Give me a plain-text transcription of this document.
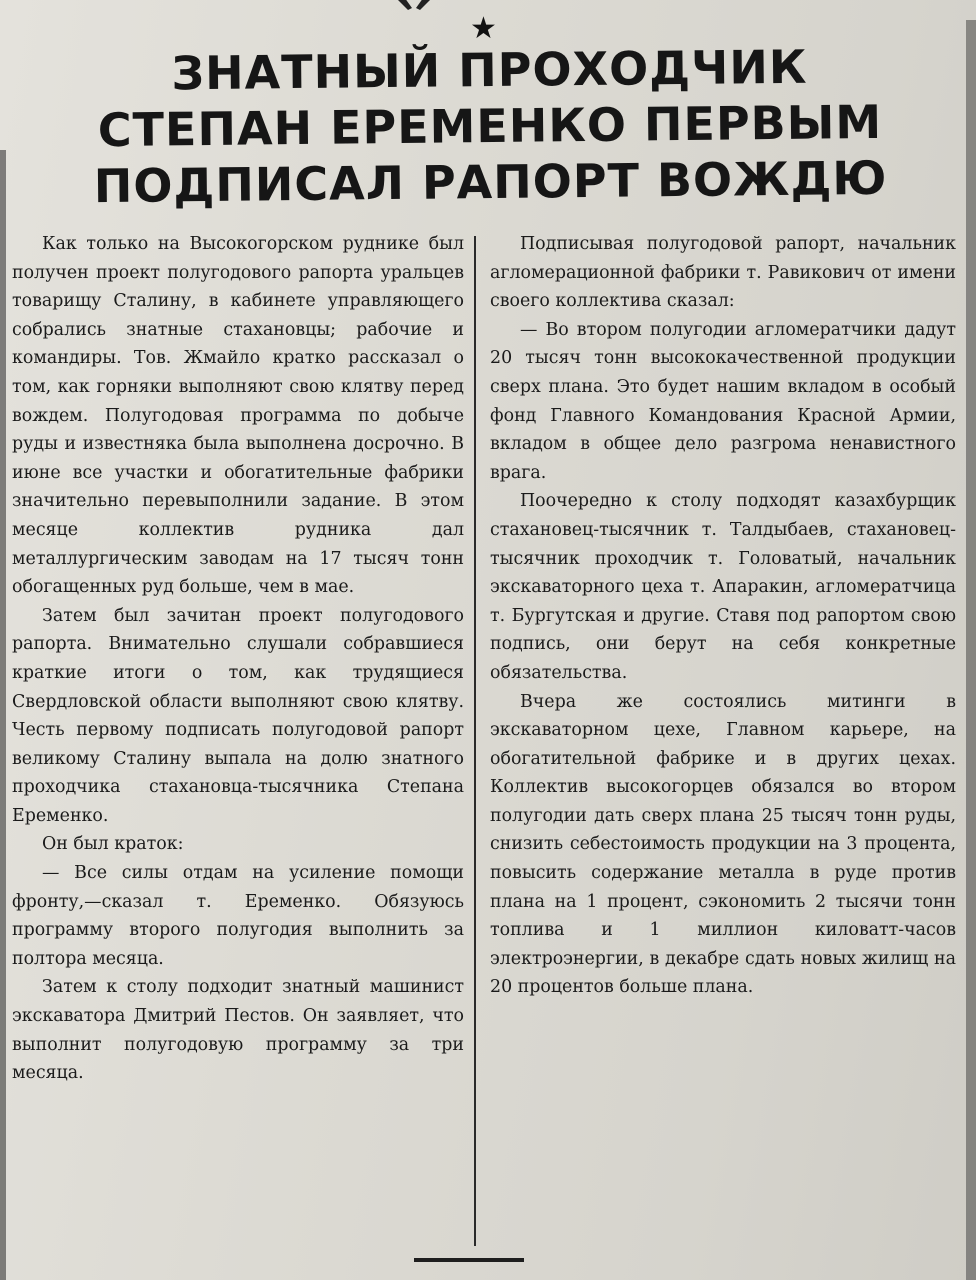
★
ЗНАТНЫЙ ПРОХОДЧИК
СТЕПАН ЕРЕМЕНКО ПЕРВЫМ
ПОДПИСАЛ РАПОРТ ВОЖДЮ

Как только на Высокогорском руднике был получен проект полугодового рапорта уральцев товарищу Сталину, в кабинете управляющего собрались знатные стахановцы; рабочие и командиры. Тов. Жмайло кратко рассказал о том, как горняки выполняют свою клятву перед вождем. Полугодовая программа по добыче руды и известняка была выполнена досрочно. В июне все участки и обогатительные фабрики значительно перевыполнили задание. В этом месяце коллектив рудника дал металлургическим заводам на 17 тысяч тонн обогащенных руд больше, чем в мае.

Затем был зачитан проект полугодового рапорта. Внимательно слушали собравшиеся краткие итоги о том, как трудящиеся Свердловской области выполняют свою клятву. Честь первому подписать полугодовой рапорт великому Сталину выпала на долю знатного проходчика стахановца-тысячника Степана Еременко.

Он был краток:

— Все силы отдам на усиление помощи фронту,—сказал т. Еременко. Обязуюсь программу второго полугодия выполнить за полтора месяца.

Затем к столу подходит знатный машинист экскаватора Дмитрий Пестов. Он заявляет, что выполнит полугодовую программу за три месяца.

Подписывая полугодовой рапорт, начальник агломерационной фабрики т. Равикович от имени своего коллектива сказал:

— Во втором полугодии агломератчики дадут 20 тысяч тонн высококачественной продукции сверх плана. Это будет нашим вкладом в особый фонд Главного Командования Красной Армии, вкладом в общее дело разгрома ненавистного врага.

Поочередно к столу подходят казахбурщик стахановец-тысячник т. Талдыбаев, стахановец-тысячник проходчик т. Головатый, начальник экскаваторного цеха т. Апаракин, агломератчица т. Бургутская и другие. Ставя под рапортом свою подпись, они берут на себя конкретные обязательства.

Вчера же состоялись митинги в экскаваторном цехе, Главном карьере, на обогатительной фабрике и в других цехах. Коллектив высокогорцев обязался во втором полугодии дать сверх плана 25 тысяч тонн руды, снизить себестоимость продукции на 3 процента, повысить содержание металла в руде против плана на 1 процент, сэкономить 2 тысячи тонн топлива и 1 миллион киловатт-часов электроэнергии, в декабре сдать новых жилищ на 20 процентов больше плана.
